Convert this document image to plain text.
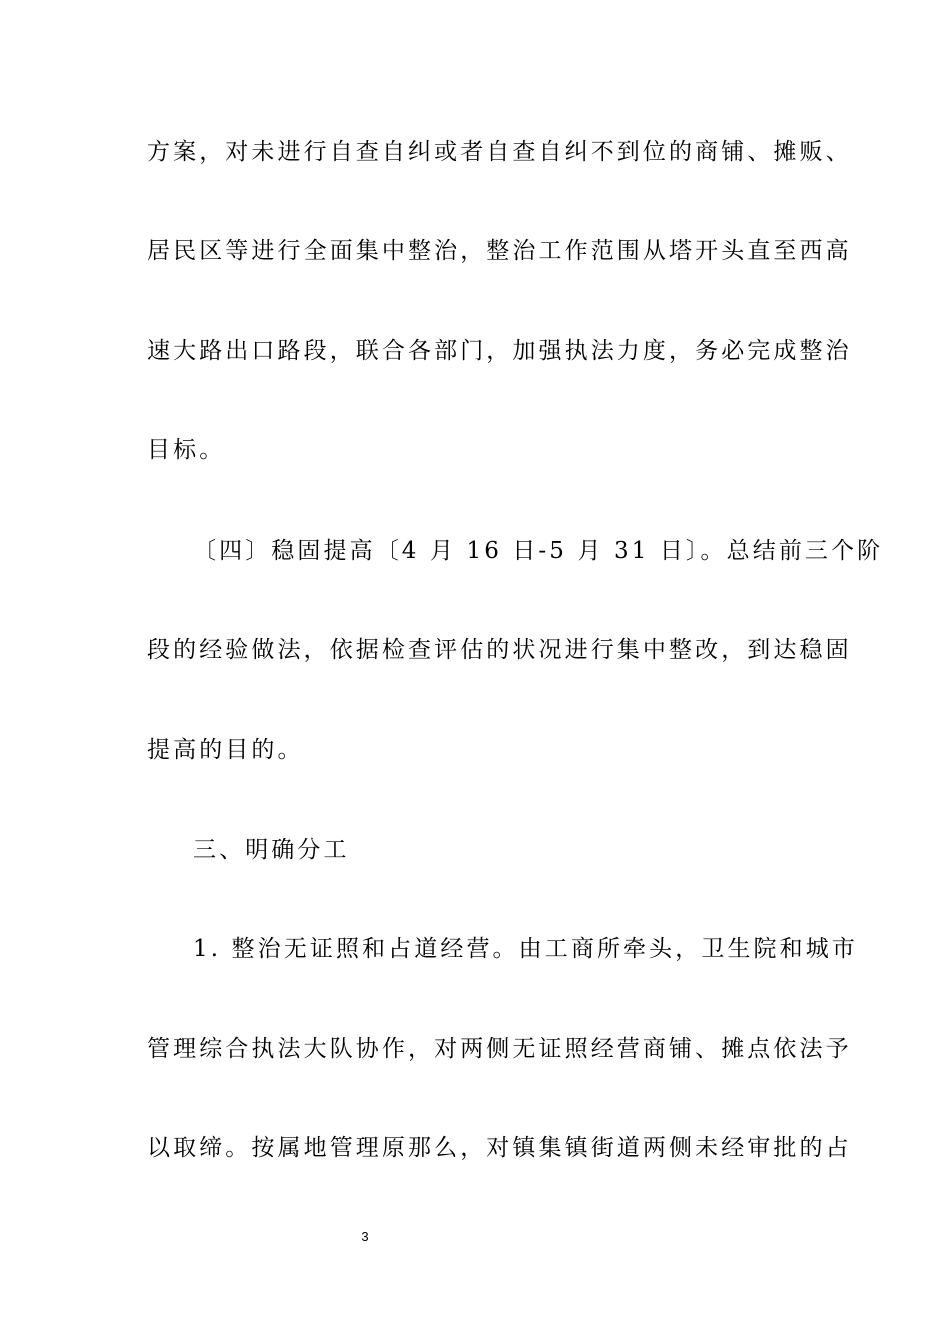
方案，对未进行自查自纠或者自查自纠不到位的商铺、摊贩、
居民区等进行全面集中整治，整治工作范围从塔开头直至西高
速大路出口路段，联合各部门，加强执法力度，务必完成整治
目标。
〔四〕稳固提高〔4 月 16 日-5 月 31 日〕。总结前三个阶
段的经验做法，依据检查评估的状况进行集中整改，到达稳固
提高的目的。
三、明确分工
1. 整治无证照和占道经营。由工商所牵头，卫生院和城市
管理综合执法大队协作，对两侧无证照经营商铺、摊点依法予
以取缔。按属地管理原那么，对镇集镇街道两侧未经审批的占
3
